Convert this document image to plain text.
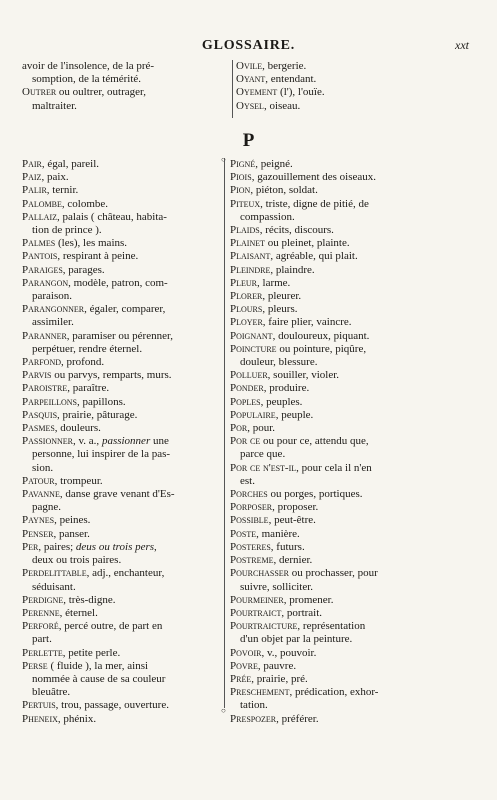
GLOSSAIRE.	xxt
avoir de l'insolence, de la pré-
somption, de la témérité.
Outrer ou oultrer, outrager,
maltraiter.
Ovile, bergerie.
Oyant, entendant.
Oyement (l'), l'ouïe.
Oysel, oiseau.
P
○
Pair, égal, pareil.
Paiz, paix.
Palir, ternir.
Palombe, colombe.
Pallaiz, palais ( château, habita-
tion de prince ).
Palmes (les), les mains.
Pantois, respirant à peine.
Paraiges, parages.
Parangon, modèle, patron, com-
paraison.
Parangonner, égaler, comparer,
assimiler.
Paranner, paramiser ou pérenner,
perpétuer, rendre éternel.
Parfond, profond.
Parvis ou parvys, remparts, murs.
Paroistre, paraître.
Parpeillons, papillons.
Pasquis, prairie, pâturage.
Pasmes, douleurs.
Passionner, v. a., passionner une
personne, lui inspirer de la pas-
sion.
Patour, trompeur.
Pavanne, danse grave venant d'Es-
pagne.
Paynes, peines.
Penser, panser.
Per, paires; deus ou trois pers,
deux ou trois paires.
Perdelittable, adj., enchanteur,
séduisant.
Perdigne, très-digne.
Perenne, éternel.
Perforé, percé outre, de part en
part.
Perlette, petite perle.
Perse ( fluide ), la mer, ainsi
nommée à cause de sa couleur
bleuâtre.
Pertuis, trou, passage, ouverture.
Pheneix, phénix.
Pigné, peigné.
Piois, gazouillement des oiseaux.
Pion, piéton, soldat.
Piteux, triste, digne de pitié, de
compassion.
Plaids, récits, discours.
Plainet ou pleinet, plainte.
Plaisant, agréable, qui plait.
Pleindre, plaindre.
Pleur, larme.
Plorer, pleurer.
Plours, pleurs.
Ployer, faire plier, vaincre.
Poignant, douloureux, piquant.
Poincture ou pointure, piqûre,
douleur, blessure.
Polluer, souiller, violer.
Ponder, produire.
Poples, peuples.
Populaire, peuple.
Por, pour.
Por ce ou pour ce, attendu que,
parce que.
Por ce n'est-il, pour cela il n'en
est.
Porches ou porges, portiques.
Porposer, proposer.
Possible, peut-être.
Poste, manière.
Posteres, futurs.
Postreme, dernier.
Pourchasser ou prochasser, pour
suivre, solliciter.
Pourmeiner, promener.
Pourtraict, portrait.
Pourtraicture, représentation
d'un objet par la peinture.
Povoir, v., pouvoir.
Povre, pauvre.
Prée, prairie, pré.
Preschement, prédication, exhor-
tation.
Prespozer, préférer.
○
